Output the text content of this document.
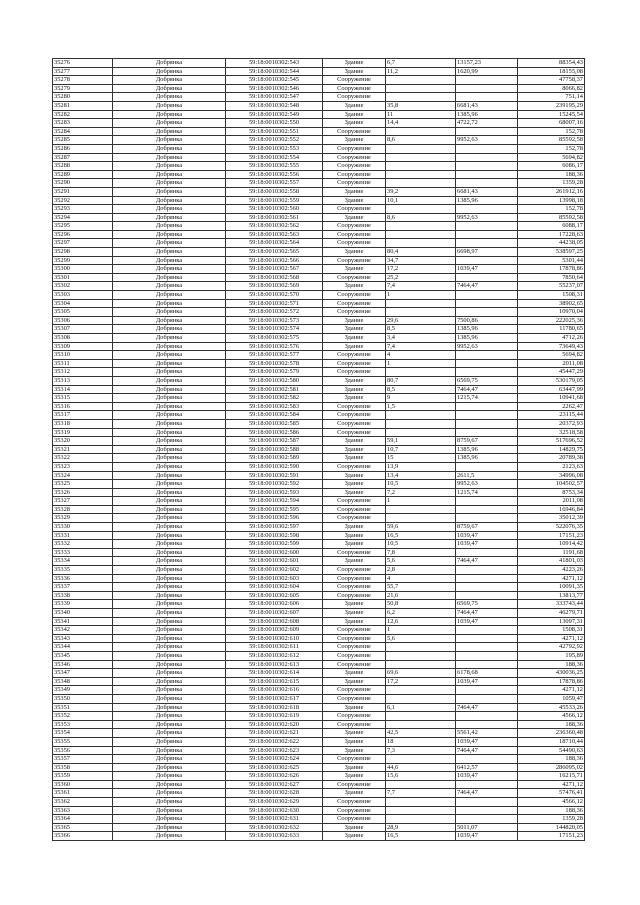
35276	Добрянка	59:18:0010302:543	Здание	6,7	13157,23	88354,43
35277	Добрянка	59:18:0010302:544	Здание	11,2	1620,99	18155,08
35278	Добрянка	59:18:0010302:545	Сооружение			47758,37
35279	Добрянка	59:18:0010302:546	Сооружение			8066,82
35280	Добрянка	59:18:0010302:547	Сооружение			751,14
35281	Добрянка	59:18:0010302:548	Здание	35,8	6681,43	239195,29
35282	Добрянка	59:18:0010302:549	Здание	11	1385,96	15245,54
35283	Добрянка	59:18:0010302:550	Здание	14,4	4722,72	68007,16
35284	Добрянка	59:18:0010302:551	Сооружение			152,78
35285	Добрянка	59:18:0010302:552	Здание	8,6	9952,63	85592,58
35286	Добрянка	59:18:0010302:553	Сооружение			152,78
35287	Добрянка	59:18:0010302:554	Сооружение			5694,82
35288	Добрянка	59:18:0010302:555	Сооружение			6086,17
35289	Добрянка	59:18:0010302:556	Сооружение			188,36
35290	Добрянка	59:18:0010302:557	Сооружение			1359,28
35291	Добрянка	59:18:0010302:558	Здание	39,2	6681,43	261912,16
35292	Добрянка	59:18:0010302:559	Здание	10,1	1385,96	13998,18
35293	Добрянка	59:18:0010302:560	Сооружение			152,78
35294	Добрянка	59:18:0010302:561	Здание	8,6	9952,63	85592,58
35295	Добрянка	59:18:0010302:562	Сооружение			6088,17
35296	Добрянка	59:18:0010302:563	Сооружение			17228,63
35297	Добрянка	59:18:0010302:564	Сооружение			44238,05
35298	Добрянка	59:18:0010302:565	Здание	80,4	6698,97	538597,25
35299	Добрянка	59:18:0010302:566	Сооружение	34,7		5301,44
35300	Добрянка	59:18:0010302:567	Здание	17,2	1039,47	17878,86
35301	Добрянка	59:18:0010302:568	Сооружение	25,2		7850,64
35302	Добрянка	59:18:0010302:569	Здание	7,4	7464,47	55237,07
35303	Добрянка	59:18:0010302:570	Сооружение	1		1508,31
35304	Добрянка	59:18:0010302:571	Сооружение			38902,65
35305	Добрянка	59:18:0010302:572	Сооружение			10970,04
35306	Добрянка	59:18:0010302:573	Здание	29,6	7500,86	222025,36
35307	Добрянка	59:18:0010302:574	Здание	8,5	1385,96	11780,65
35308	Добрянка	59:18:0010302:575	Здание	3,4	1385,96	4712,26
35309	Добрянка	59:18:0010302:576	Здание	7,4	9952,63	73649,43
35310	Добрянка	59:18:0010302:577	Сооружение	4		5694,82
35311	Добрянка	59:18:0010302:578	Сооружение	1		2011,08
35312	Добрянка	59:18:0010302:579	Сооружение			45447,29
35313	Добрянка	59:18:0010302:580	Здание	80,7	6569,75	530179,05
35314	Добрянка	59:18:0010302:581	Здание	8,5	7464,47	63447,99
35315	Добрянка	59:18:0010302:582	Здание	9	1215,74	10941,68
35316	Добрянка	59:18:0010302:583	Сооружение	1,5		2262,47
35317	Добрянка	59:18:0010302:584	Сооружение			23115,44
35318	Добрянка	59:18:0010302:585	Сооружение			20372,93
35319	Добрянка	59:18:0010302:586	Сооружение			32518,58
35320	Добрянка	59:18:0010302:587	Здание	59,1	8759,67	517696,52
35321	Добрянка	59:18:0010302:588	Здание	10,7	1385,96	14829,75
35322	Добрянка	59:18:0010302:589	Здание	15	1385,96	20789,38
35323	Добрянка	59:18:0010302:590	Сооружение	13,9		2123,63
35324	Добрянка	59:18:0010302:591	Здание	13,4	2611,5	34996,08
35325	Добрянка	59:18:0010302:592	Здание	10,5	9952,63	104502,57
35326	Добрянка	59:18:0010302:593	Здание	7,2	1215,74	8753,34
35327	Добрянка	59:18:0010302:594	Сооружение	1		2011,08
35328	Добрянка	59:18:0010302:595	Сооружение			16946,84
35329	Добрянка	59:18:0010302:596	Сооружение			35012,39
35330	Добрянка	59:18:0010302:597	Здание	59,6	8759,67	522076,35
35331	Добрянка	59:18:0010302:598	Здание	16,5	1039,47	17151,23
35332	Добрянка	59:18:0010302:599	Здание	10,5	1039,47	10914,42
35333	Добрянка	59:18:0010302:600	Сооружение	7,8		1191,68
35334	Добрянка	59:18:0010302:601	Здание	5,6	7464,47	41801,03
35335	Добрянка	59:18:0010302:602	Сооружение	2,8		4223,26
35336	Добрянка	59:18:0010302:603	Сооружение	4		4271,12
35337	Добрянка	59:18:0010302:604	Сооружение	55,7		10091,35
35338	Добрянка	59:18:0010302:605	Сооружение	21,6		13813,77
35339	Добрянка	59:18:0010302:606	Здание	50,8	6569,75	333743,44
35340	Добрянка	59:18:0010302:607	Здание	6,2	7464,47	46279,71
35341	Добрянка	59:18:0010302:608	Здание	12,6	1039,47	13097,31
35342	Добрянка	59:18:0010302:609	Сооружение	1		1508,31
35343	Добрянка	59:18:0010302:610	Сооружение	5,6		4271,12
35344	Добрянка	59:18:0010302:611	Сооружение			42792,92
35345	Добрянка	59:18:0010302:612	Сооружение			195,89
35346	Добрянка	59:18:0010302:613	Сооружение			188,36
35347	Добрянка	59:18:0010302:614	Здание	69,6	6178,68	430036,25
35348	Добрянка	59:18:0010302:615	Здание	17,2	1039,47	17878,86
35349	Добрянка	59:18:0010302:616	Сооружение			4271,12
35350	Добрянка	59:18:0010302:617	Сооружение			1059,47
35351	Добрянка	59:18:0010302:618	Здание	6,1	7464,47	45533,26
35352	Добрянка	59:18:0010302:619	Сооружение			4566,12
35353	Добрянка	59:18:0010302:620	Сооружение			188,36
35354	Добрянка	59:18:0010302:621	Здание	42,5	5561,42	236360,48
35355	Добрянка	59:18:0010302:622	Здание	18	1039,47	18710,44
35356	Добрянка	59:18:0010302:623	Здание	7,3	7464,47	54490,63
35357	Добрянка	59:18:0010302:624	Сооружение			188,36
35358	Добрянка	59:18:0010302:625	Здание	44,6	6412,57	286095,02
35359	Добрянка	59:18:0010302:626	Здание	15,6	1039,47	16215,71
35360	Добрянка	59:18:0010302:627	Сооружение			4271,12
35361	Добрянка	59:18:0010302:628	Здание	7,7	7464,47	57476,41
35362	Добрянка	59:18:0010302:629	Сооружение			4566,12
35363	Добрянка	59:18:0010302:630	Сооружение			188,36
35364	Добрянка	59:18:0010302:631	Сооружение			1359,28
35365	Добрянка	59:18:0010302:632	Здание	28,9	5011,07	144820,05
35366	Добрянка	59:18:0010302:633	Здание	16,5	1039,47	17151,23
